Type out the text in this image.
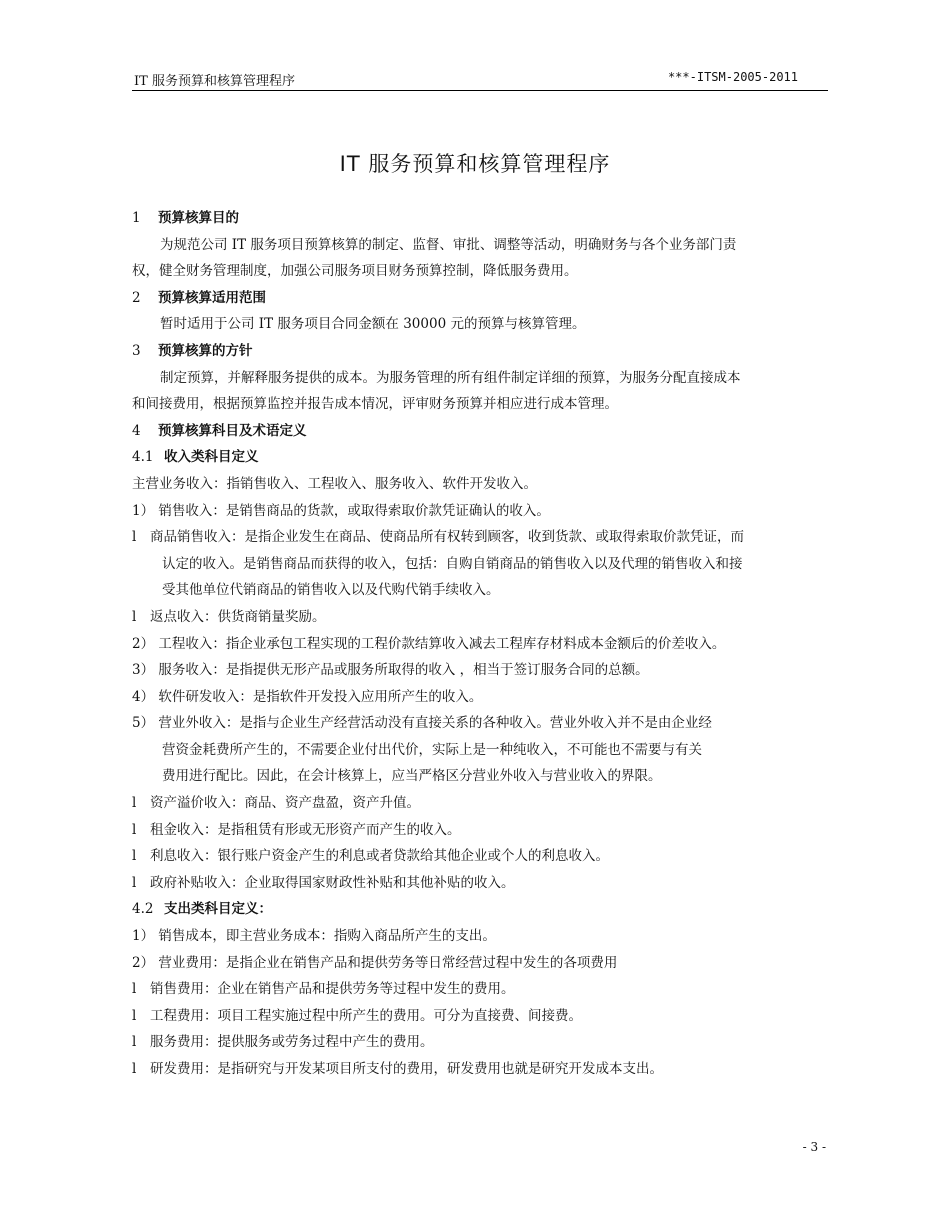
IT 服务预算和核算管理程序	***-ITSM-2005-2011
IT 服务预算和核算管理程序
1 预算核算目的
为规范公司 IT 服务项目预算核算的制定、监督、审批、调整等活动，明确财务与各个业务部门责
权，健全财务管理制度，加强公司服务项目财务预算控制，降低服务费用。
2 预算核算适用范围
暂时适用于公司 IT 服务项目合同金额在 30000 元的预算与核算管理。
3 预算核算的方针
制定预算，并解释服务提供的成本。为服务管理的所有组件制定详细的预算，为服务分配直接成本
和间接费用，根据预算监控并报告成本情况，评审财务预算并相应进行成本管理。
4 预算核算科目及术语定义
4.1 收入类科目定义
主营业务收入：指销售收入、工程收入、服务收入、软件开发收入。
1） 销售收入：是销售商品的货款，或取得索取价款凭证确认的收入。
l 商品销售收入：是指企业发生在商品、使商品所有权转到顾客，收到货款、或取得索取价款凭证，而
认定的收入。是销售商品而获得的收入，包括：自购自销商品的销售收入以及代理的销售收入和接
受其他单位代销商品的销售收入以及代购代销手续收入。
l 返点收入：供货商销量奖励。
2） 工程收入：指企业承包工程实现的工程价款结算收入减去工程库存材料成本金额后的价差收入。
3） 服务收入：是指提供无形产品或服务所取得的收入 ，相当于签订服务合同的总额。
4） 软件研发收入：是指软件开发投入应用所产生的收入。
5） 营业外收入：是指与企业生产经营活动没有直接关系的各种收入。营业外收入并不是由企业经
营资金耗费所产生的，不需要企业付出代价，实际上是一种纯收入，不可能也不需要与有关
费用进行配比。因此，在会计核算上，应当严格区分营业外收入与营业收入的界限。
l 资产溢价收入：商品、资产盘盈，资产升值。
l 租金收入：是指租赁有形或无形资产而产生的收入。
l 利息收入：银行账户资金产生的利息或者贷款给其他企业或个人的利息收入。
l 政府补贴收入：企业取得国家财政性补贴和其他补贴的收入。
4.2 支出类科目定义：
1） 销售成本，即主营业务成本：指购入商品所产生的支出。
2） 营业费用：是指企业在销售产品和提供劳务等日常经营过程中发生的各项费用
l 销售费用：企业在销售产品和提供劳务等过程中发生的费用。
l 工程费用：项目工程实施过程中所产生的费用。可分为直接费、间接费。
l 服务费用：提供服务或劳务过程中产生的费用。
l 研发费用：是指研究与开发某项目所支付的费用，研发费用也就是研究开发成本支出。
- 3 -
